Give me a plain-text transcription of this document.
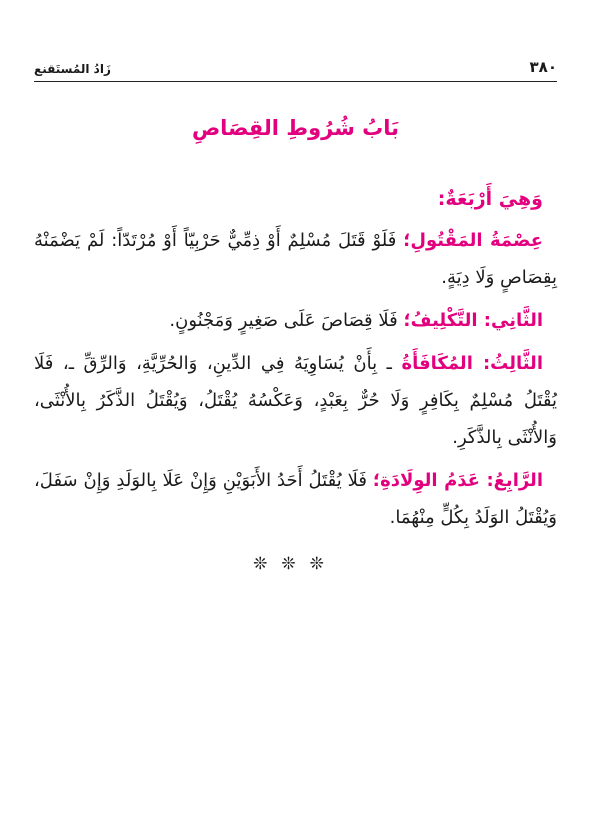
٣٨٠
زَادُ المُستَقنع
بَابُ شُرُوطِ القِصَاصِ

وَهِيَ أَرْبَعَةٌ:

عِصْمَةُ المَقْتُولِ؛ فَلَوْ قَتَلَ مُسْلِمٌ أَوْ ذِمِّيٌّ حَرْبِيّاً أَوْ مُرْتَدّاً: لَمْ يَضْمَنْهُ بِقِصَاصٍ وَلَا دِيَةٍ.

الثَّانِي: التَّكْلِيفُ؛ فَلَا قِصَاصَ عَلَى صَغِيرٍ وَمَجْنُونٍ.

الثَّالِثُ: المُكَافَأَةُ ـ بِأَنْ يُسَاوِيَهُ فِي الدِّينِ، وَالحُرِّيَّةِ، وَالرِّقِّ ـ، فَلَا يُقْتَلُ مُسْلِمٌ بِكَافِرٍ وَلَا حُرٌّ بِعَبْدٍ، وَعَكْسُهُ يُقْتَلُ، وَيُقْتَلُ الذَّكَرُ بِالأُنْثَى، وَالأُنْثَى بِالذَّكَرِ.

الرَّابِعُ: عَدَمُ الوِلَادَةِ؛ فَلَا يُقْتَلُ أَحَدُ الأَبَوَيْنِ وَإِنْ عَلَا بِالوَلَدِ وَإِنْ سَفَلَ، وَيُقْتَلُ الوَلَدُ بِكُلٍّ مِنْهُمَا.

❊❊❊
